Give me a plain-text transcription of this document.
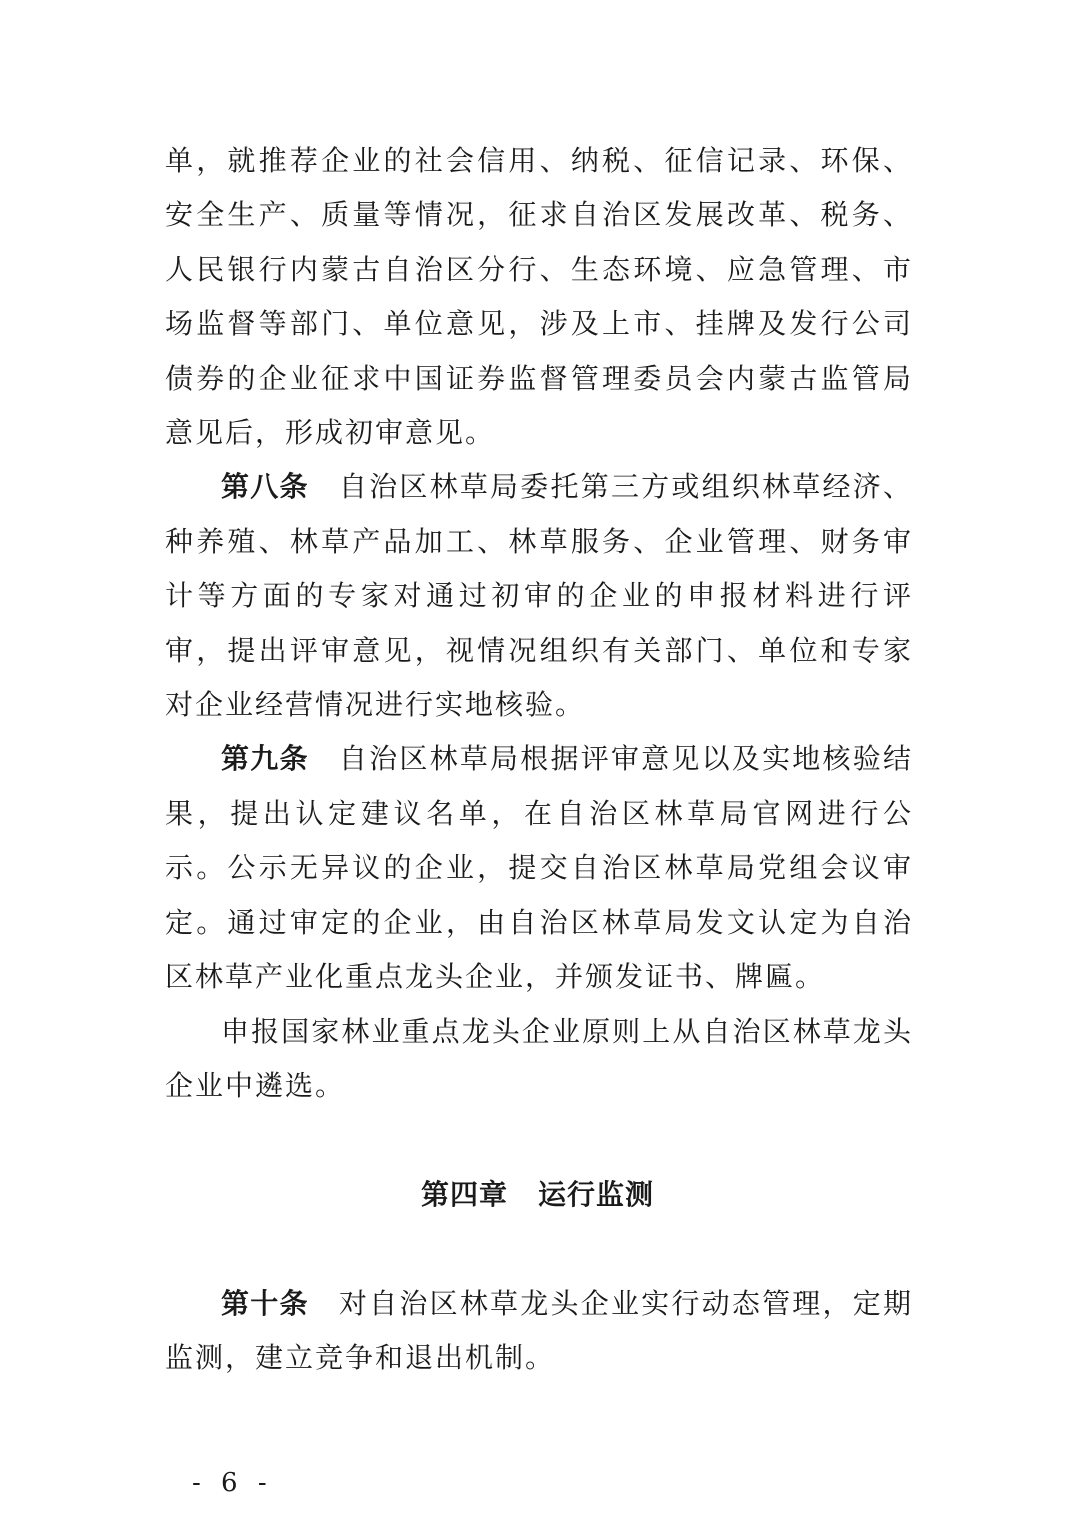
单，就推荐企业的社会信用、纳税、征信记录、环保、安全生产、质量等情况，征求自治区发展改革、税务、人民银行内蒙古自治区分行、生态环境、应急管理、市场监督等部门、单位意见，涉及上市、挂牌及发行公司债券的企业征求中国证券监督管理委员会内蒙古监管局意见后，形成初审意见。

第八条 自治区林草局委托第三方或组织林草经济、种养殖、林草产品加工、林草服务、企业管理、财务审计等方面的专家对通过初审的企业的申报材料进行评审，提出评审意见，视情况组织有关部门、单位和专家对企业经营情况进行实地核验。

第九条 自治区林草局根据评审意见以及实地核验结果，提出认定建议名单，在自治区林草局官网进行公示。公示无异议的企业，提交自治区林草局党组会议审定。通过审定的企业，由自治区林草局发文认定为自治区林草产业化重点龙头企业，并颁发证书、牌匾。

申报国家林业重点龙头企业原则上从自治区林草龙头企业中遴选。

第四章 运行监测

第十条 对自治区林草龙头企业实行动态管理，定期监测，建立竞争和退出机制。

- 6 -
